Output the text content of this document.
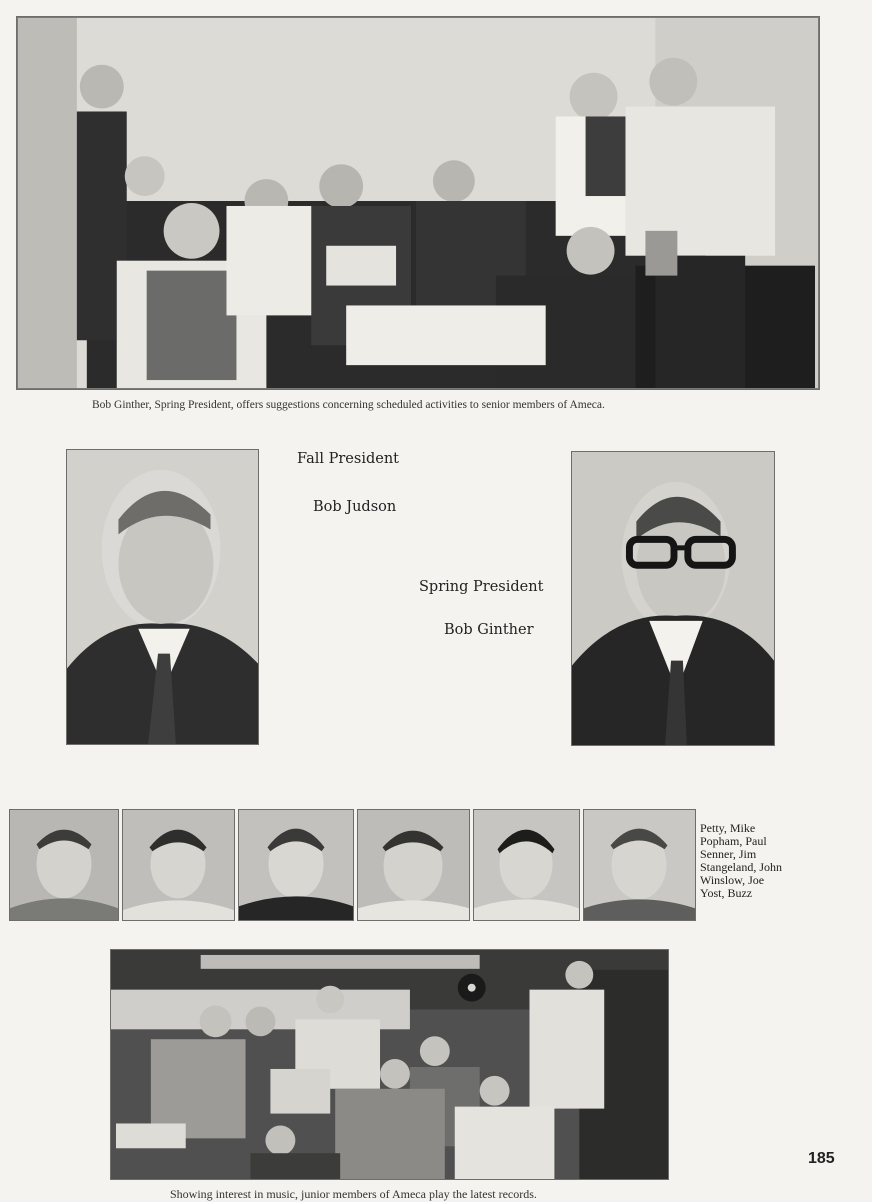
Bob Ginther, Spring President, offers suggestions concerning scheduled activities to senior members of Ameca.
Fall President
Bob Judson
Spring President
Bob Ginther
Petty, Mike
Popham, Paul
Senner, Jim
Stangeland, John
Winslow, Joe
Yost, Buzz
185
Showing interest in music, junior members of Ameca play the latest records.
